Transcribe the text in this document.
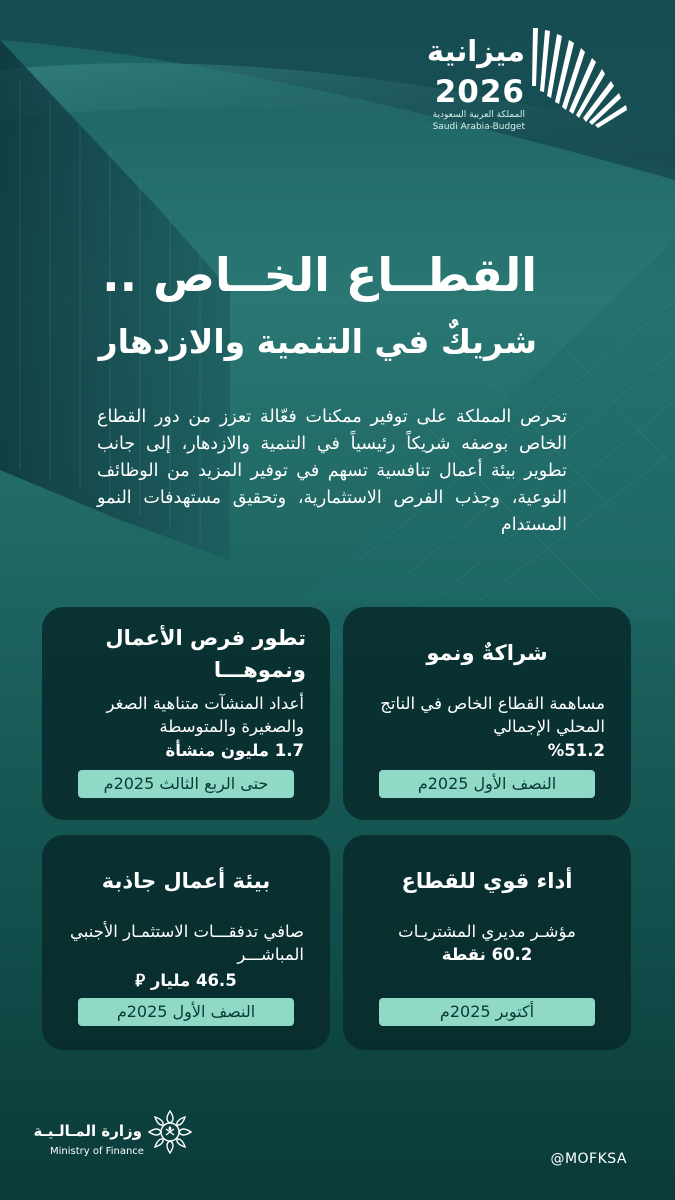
ميزانية
2026
المملكة العربية السعودية
Saudi Arabia-Budget
القطــاع الخــاص ..
شريكٌ في التنمية والازدهار
تحرص المملكة على توفير ممكنات فعّالة تعزز من دور القطاع الخاص بوصفه شريكاً رئيسياً في التنمية والازدهار، إلى جانب تطوير بيئة أعمال تنافسية تسهم في توفير المزيد من الوظائف النوعية، وجذب الفرص الاستثمارية، وتحقيق مستهدفات النمو المستدام
شراكةٌ ونمو
مساهمة القطاع الخاص في الناتج المحلي الإجمالي
%51.2
النصف الأول 2025م
تطور فرص الأعمال ونموهـــا
أعداد المنشآت متناهية الصغر والصغيرة والمتوسطة
1.7 مليون منشأة
حتى الربع الثالث 2025م
أداء قوي للقطاع
مؤشـر مديري المشتريـات
60.2 نقطة
أكتوبر 2025م
بيئة أعمال جاذبة
صافي تدفقـــات الاستثمـار الأجنبي المباشـــر
46.5 مليار ⃁
النصف الأول 2025م
وزارة المـالـيـة
Ministry of Finance	@MOFKSA
